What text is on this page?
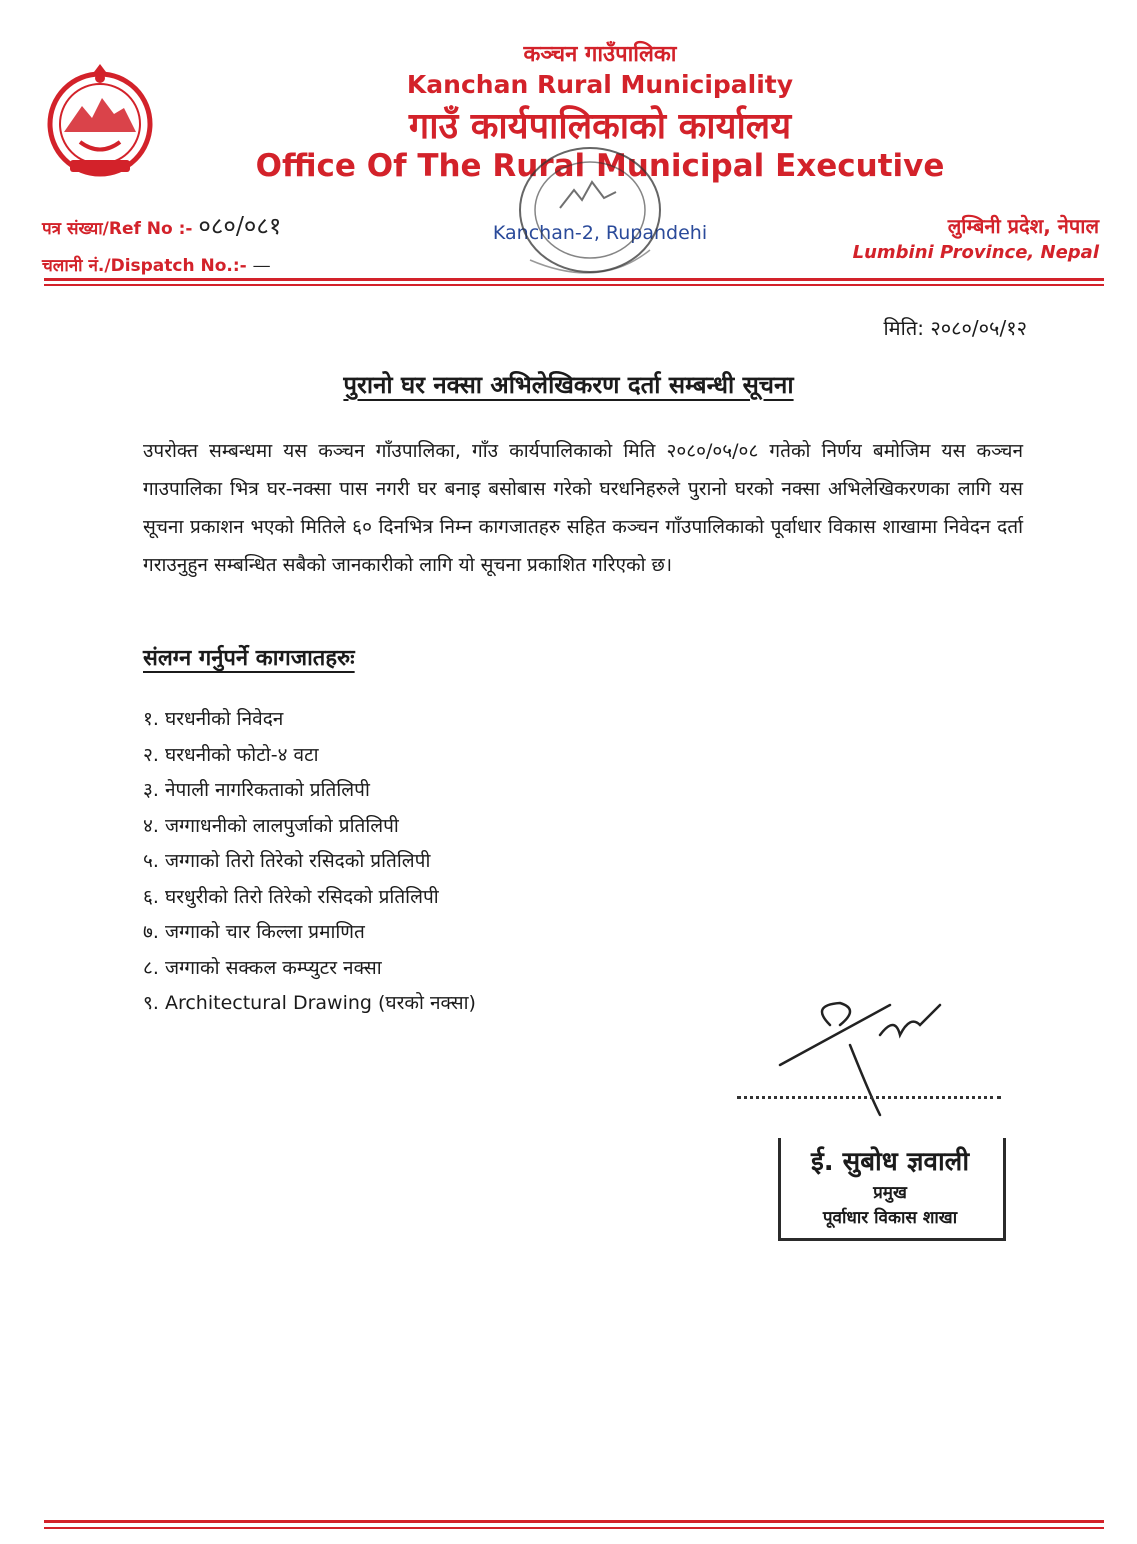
कञ्चन गाउँपालिका
Kanchan Rural Municipality
गाउँ कार्यपालिकाको कार्यालय
Office Of The Rural Municipal Executive
Kanchan-2, Rupandehi
पत्र संख्या/Ref No :- ०८०/०८१
चलानी नं./Dispatch No.:- —
लुम्बिनी प्रदेश, नेपाल
Lumbini Province, Nepal
मिति: २०८०/०५/१२
पुरानो घर नक्सा अभिलेखिकरण दर्ता सम्बन्धी सूचना
उपरोक्त सम्बन्धमा यस कञ्चन गाँउपालिका, गाँउ कार्यपालिकाको मिति २०८०/०५/०८ गतेको निर्णय बमोजिम यस कञ्चन गाउपालिका भित्र घर-नक्सा पास नगरी घर बनाइ बसोबास गरेको घरधनिहरुले पुरानो घरको नक्सा अभिलेखिकरणका लागि यस सूचना प्रकाशन भएको मितिले ६० दिनभित्र निम्न कागजातहरु सहित कञ्चन गाँउपालिकाको पूर्वाधार विकास शाखामा निवेदन दर्ता गराउनुहुन सम्बन्धित सबैको जानकारीको लागि यो सूचना प्रकाशित गरिएको छ।
संलग्न गर्नुपर्ने कागजातहरुः
१. घरधनीको निवेदन
२. घरधनीको फोटो-४ वटा
३. नेपाली नागरिकताको प्रतिलिपी
४. जग्गाधनीको लालपुर्जाको प्रतिलिपी
५. जग्गाको तिरो तिरेको रसिदको प्रतिलिपी
६. घरधुरीको तिरो तिरेको रसिदको प्रतिलिपी
७. जग्गाको चार किल्ला प्रमाणित
८. जग्गाको सक्कल कम्प्युटर नक्सा
९. Architectural Drawing (घरको नक्सा)
ई. सुबोध ज्ञवाली
प्रमुख
पूर्वाधार विकास शाखा
